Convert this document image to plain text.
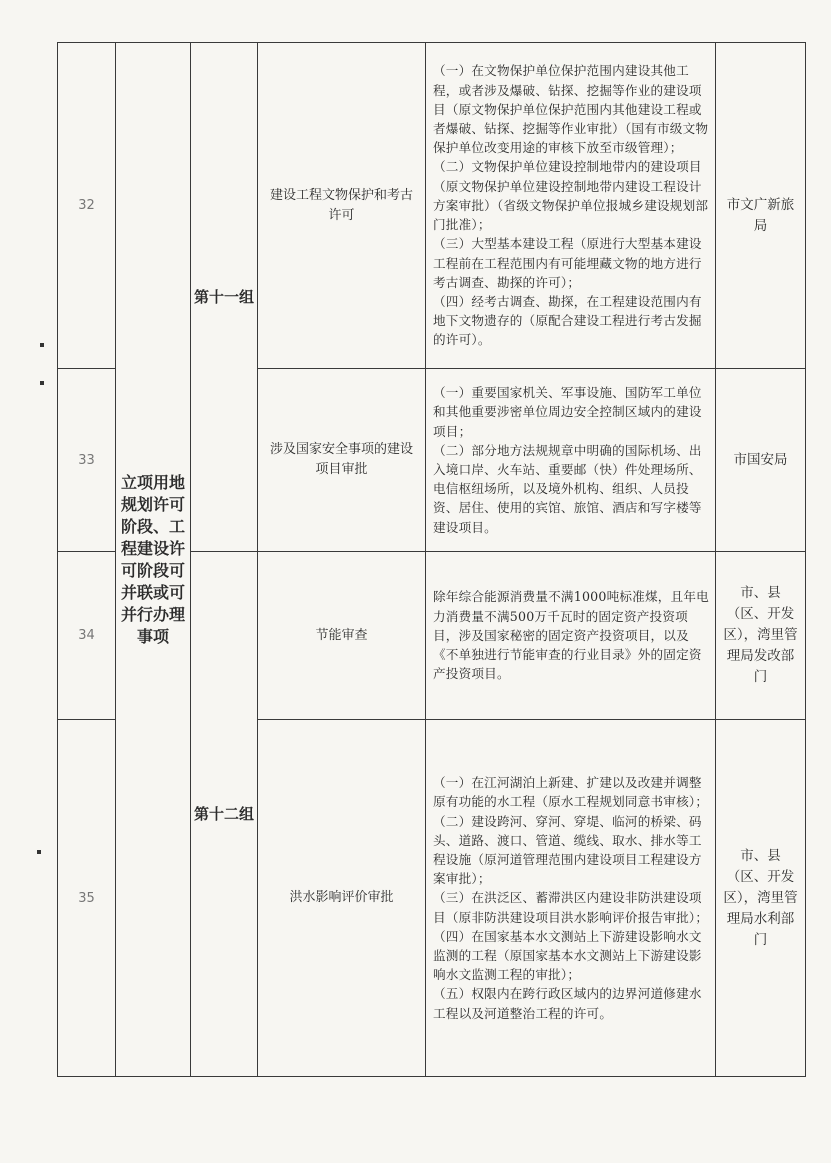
32	立项用地规划许可阶段、工程建设许可阶段可并联或可并行办理事项	第十一组	建设工程文物保护和考古许可	（一）在文物保护单位保护范围内建设其他工程，或者涉及爆破、钻探、挖掘等作业的建设项目（原文物保护单位保护范围内其他建设工程或者爆破、钻探、挖掘等作业审批）（国有市级文物保护单位改变用途的审核下放至市级管理）；

（二）文物保护单位建设控制地带内的建设项目（原文物保护单位建设控制地带内建设工程设计方案审批）（省级文物保护单位报城乡建设规划部门批准）；

（三）大型基本建设工程（原进行大型基本建设工程前在工程范围内有可能埋藏文物的地方进行考古调查、勘探的许可）；

（四）经考古调查、勘探，在工程建设范围内有地下文物遗存的（原配合建设工程进行考古发掘的许可）。	市文广新旅局
33			涉及国家安全事项的建设项目审批	（一）重要国家机关、军事设施、国防军工单位和其他重要涉密单位周边安全控制区域内的建设项目；

（二）部分地方法规规章中明确的国际机场、出入境口岸、火车站、重要邮（快）件处理场所、电信枢纽场所，以及境外机构、组织、人员投资、居住、使用的宾馆、旅馆、酒店和写字楼等建设项目。	市国安局
34		第十二组	节能审查	除年综合能源消费量不满1000吨标准煤，且年电力消费量不满500万千瓦时的固定资产投资项目，涉及国家秘密的固定资产投资项目，以及《不单独进行节能审查的行业目录》外的固定资产投资项目。	市、县（区、开发区），湾里管理局发改部门
35			洪水影响评价审批	（一）在江河湖泊上新建、扩建以及改建并调整原有功能的水工程（原水工程规划同意书审核）；

（二）建设跨河、穿河、穿堤、临河的桥梁、码头、道路、渡口、管道、缆线、取水、排水等工程设施（原河道管理范围内建设项目工程建设方案审批）；

（三）在洪泛区、蓄滞洪区内建设非防洪建设项目（原非防洪建设项目洪水影响评价报告审批）；

（四）在国家基本水文测站上下游建设影响水文监测的工程（原国家基本水文测站上下游建设影响水文监测工程的审批）；

（五）权限内在跨行政区域内的边界河道修建水工程以及河道整治工程的许可。	市、县（区、开发区），湾里管理局水利部门
